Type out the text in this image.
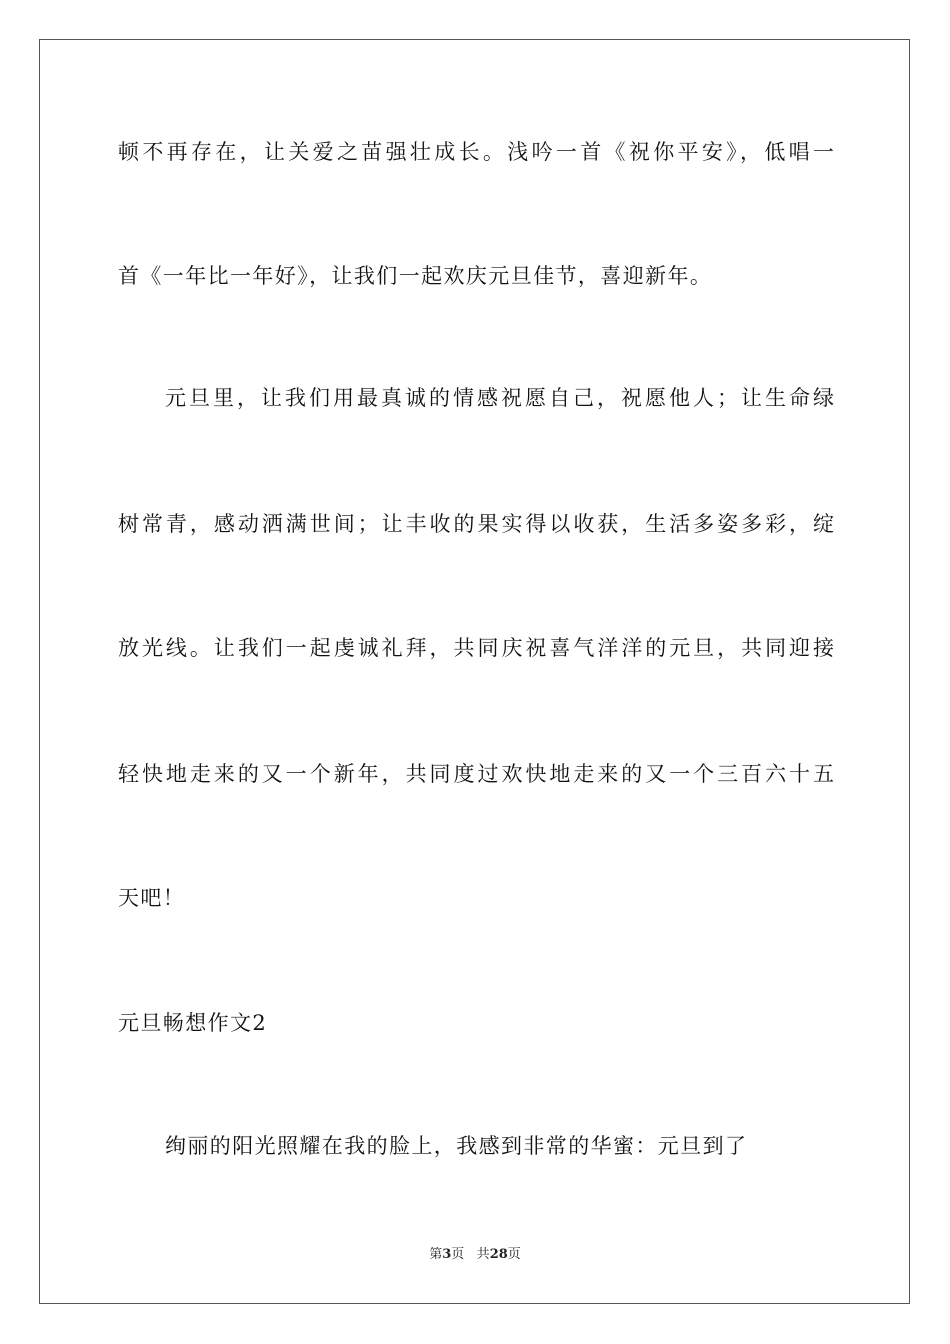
顿不再存在，让关爱之苗强壮成长。浅吟一首《祝你平安》，低唱一
首《一年比一年好》，让我们一起欢庆元旦佳节，喜迎新年。
元旦里，让我们用最真诚的情感祝愿自己，祝愿他人；让生命绿
树常青，感动洒满世间；让丰收的果实得以收获，生活多姿多彩，绽
放光线。让我们一起虔诚礼拜，共同庆祝喜气洋洋的元旦，共同迎接
轻快地走来的又一个新年，共同度过欢快地走来的又一个三百六十五
天吧！
元旦畅想作文2
绚丽的阳光照耀在我的脸上，我感到非常的华蜜：元旦到了
第3页 共28页
